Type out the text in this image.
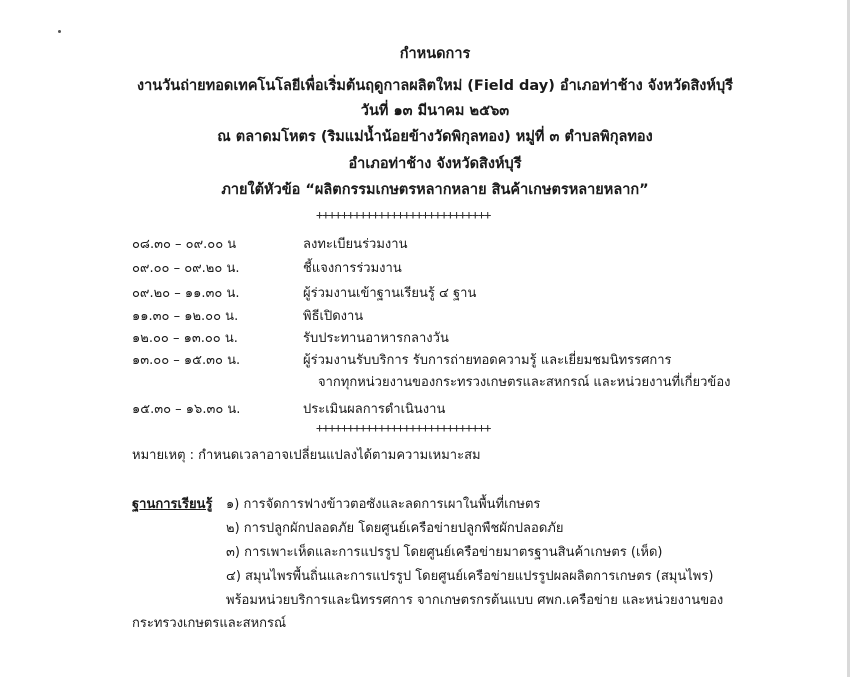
กำหนดการ
งานวันถ่ายทอดเทคโนโลยีเพื่อเริ่มต้นฤดูกาลผลิตใหม่ (Field day) อำเภอท่าช้าง จังหวัดสิงห์บุรี
วันที่ ๑๓ มีนาคม ๒๕๖๓
ณ ตลาดมโหตร (ริมแม่น้ำน้อยข้างวัดพิกุลทอง) หมู่ที่ ๓ ตำบลพิกุลทอง
อำเภอท่าช้าง จังหวัดสิงห์บุรี
ภายใต้หัวข้อ “ผลิตกรรมเกษตรหลากหลาย สินค้าเกษตรหลายหลาก”
++++++++++++++++++++++++++++
๐๘.๓๐ – ๐๙.๐๐ น	ลงทะเบียนร่วมงาน
๐๙.๐๐ – ๐๙.๒๐ น.	ชี้แจงการร่วมงาน
๐๙.๒๐ – ๑๑.๓๐ น.	ผู้ร่วมงานเข้าฐานเรียนรู้ ๔ ฐาน
๑๑.๓๐ – ๑๒.๐๐ น.	พิธีเปิดงาน
๑๒.๐๐ – ๑๓.๐๐ น.	รับประทานอาหารกลางวัน
๑๓.๐๐ – ๑๕.๓๐ น.	ผู้ร่วมงานรับบริการ รับการถ่ายทอดความรู้ และเยี่ยมชมนิทรรศการ
จากทุกหน่วยงานของกระทรวงเกษตรและสหกรณ์ และหน่วยงานที่เกี่ยวข้อง
๑๕.๓๐ – ๑๖.๓๐ น.	ประเมินผลการดำเนินงาน
++++++++++++++++++++++++++++
หมายเหตุ : กำหนดเวลาอาจเปลี่ยนแปลงได้ตามความเหมาะสม
ฐานการเรียนรู้ ๑) การจัดการฟางข้าวตอซังและลดการเผาในพื้นที่เกษตร
๒) การปลูกผักปลอดภัย โดยศูนย์เครือข่ายปลูกพืชผักปลอดภัย
๓) การเพาะเห็ดและการแปรรูป โดยศูนย์เครือข่ายมาตรฐานสินค้าเกษตร (เห็ด)
๔) สมุนไพรพื้นถิ่นและการแปรรูป โดยศูนย์เครือข่ายแปรรูปผลผลิตการเกษตร (สมุนไพร)
พร้อมหน่วยบริการและนิทรรศการ จากเกษตรกรต้นแบบ ศพก.เครือข่าย และหน่วยงานของ
กระทรวงเกษตรและสหกรณ์
